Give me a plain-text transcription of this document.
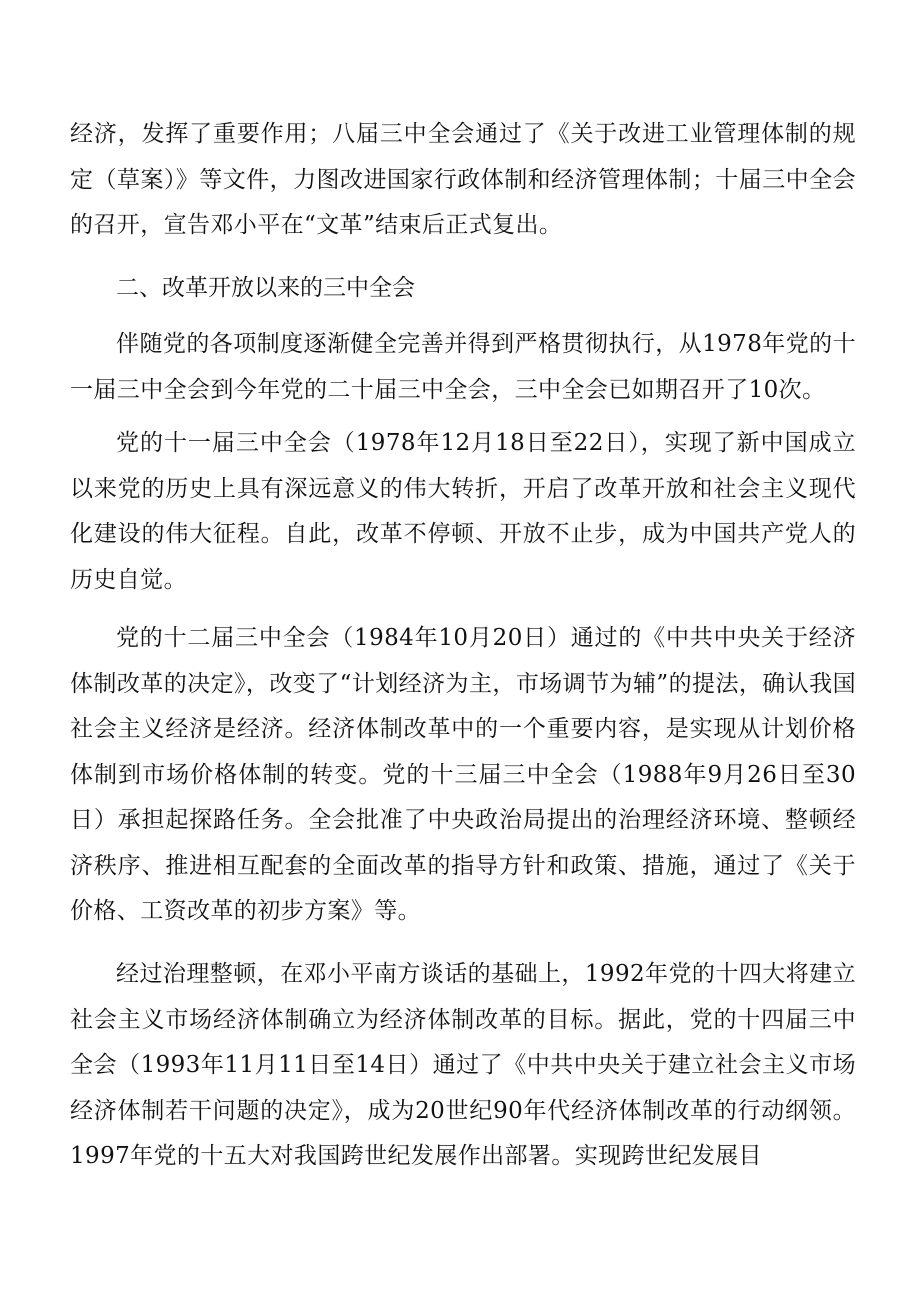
经济，发挥了重要作用；八届三中全会通过了《关于改进工业管理体制的规定（草案）》等文件，力图改进国家行政体制和经济管理体制；十届三中全会的召开，宣告邓小平在“文革”结束后正式复出。

二、改革开放以来的三中全会

伴随党的各项制度逐渐健全完善并得到严格贯彻执行，从1978年党的十一届三中全会到今年党的二十届三中全会，三中全会已如期召开了10次。

党的十一届三中全会（1978年12月18日至22日），实现了新中国成立以来党的历史上具有深远意义的伟大转折，开启了改革开放和社会主义现代化建设的伟大征程。自此，改革不停顿、开放不止步，成为中国共产党人的历史自觉。

党的十二届三中全会（1984年10月20日）通过的《中共中央关于经济体制改革的决定》，改变了“计划经济为主，市场调节为辅”的提法，确认我国社会主义经济是经济。经济体制改革中的一个重要内容，是实现从计划价格体制到市场价格体制的转变。党的十三届三中全会（1988年9月26日至30日）承担起探路任务。全会批准了中央政治局提出的治理经济环境、整顿经济秩序、推进相互配套的全面改革的指导方针和政策、措施，通过了《关于价格、工资改革的初步方案》等。

经过治理整顿，在邓小平南方谈话的基础上，1992年党的十四大将建立社会主义市场经济体制确立为经济体制改革的目标。据此，党的十四届三中全会（1993年11月11日至14日）通过了《中共中央关于建立社会主义市场经济体制若干问题的决定》，成为20世纪90年代经济体制改革的行动纲领。1997年党的十五大对我国跨世纪发展作出部署。实现跨世纪发展目
